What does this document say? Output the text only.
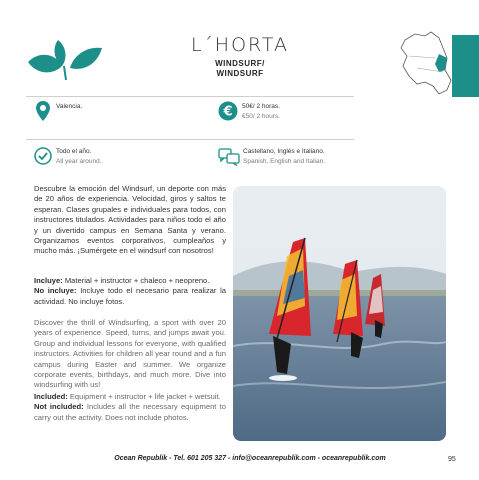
L´HORTA
WINDSURF/
WINDSURF
Valencia.	€ 50€/ 2 horas.
€50/ 2 hours.
Todo el año.
All year around.
Castellano, Inglés e Italiano.
Spanish, English and Italian.
Descubre la emoción del Windsurf, un deporte con más de 20 años de experiencia. Velocidad, giros y saltos te esperan. Clases grupales e individuales para todos, con instructores titulados. Actividades para niños todo el año y un divertido campus en Semana Santa y verano. Organizamos eventos corporativos, cumpleaños y mucho más. ¡Sumérgete en el windsurf con nosotros!
Incluye: Material + instructor + chaleco + neopreno.
No incluye: Incluye todo el necesario para realizar la actividad. No incluye fotos.
Discover the thrill of Windsurfing, a sport with over 20 years of experience. Speed, turns, and jumps await you. Group and individual lessons for everyone, with qualified instructors. Activities for children all year round and a fun campus during Easter and summer. We organize corporate events, birthdays, and much more. Dive into windsurfing with us!
Included: Equipment + instructor + life jacket + wetsuit.
Not included: Includes all the necessary equipment to carry out the activity. Does not include photos.
Ocean Republik - Tel. 601 205 327 - info@oceanrepublik.com - oceanrepublik.com	95
